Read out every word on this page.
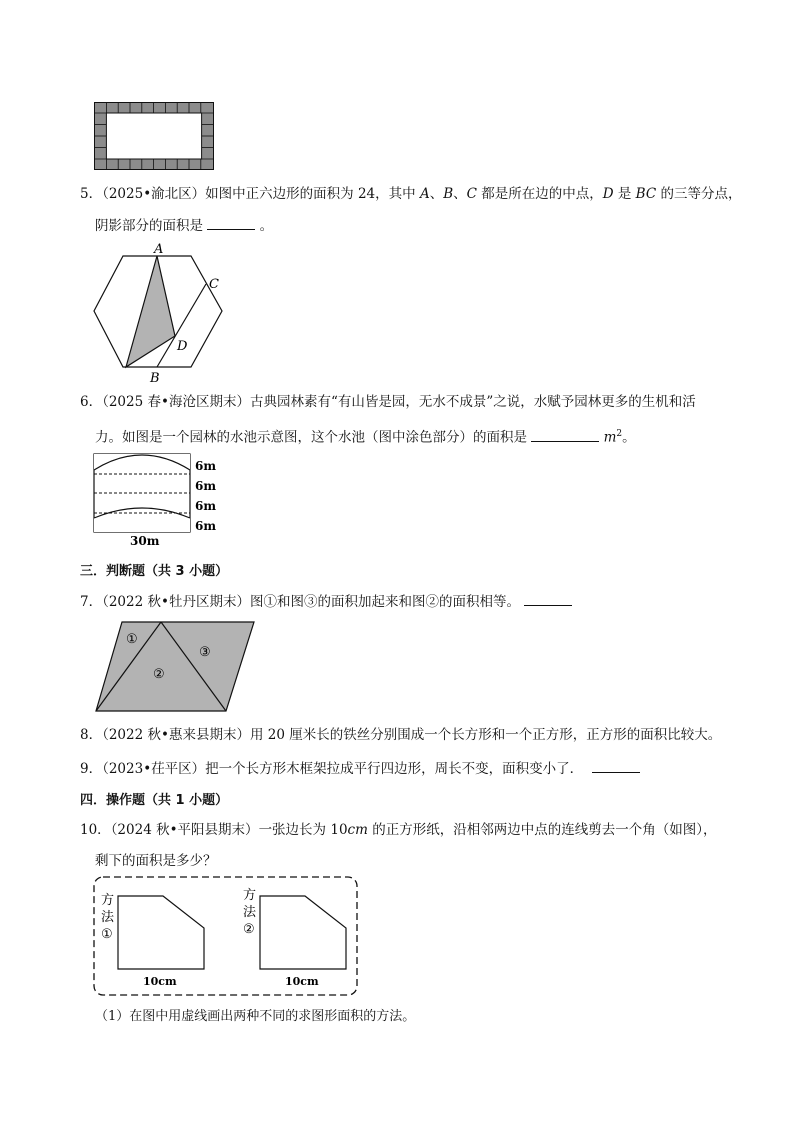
5．（2025•渝北区）如图中正六边形的面积为 24，其中 A、B、C 都是所在边的中点，D 是 BC 的三等分点，
阴影部分的面积是	。
A
C
D
B
6．（2025 春•海沧区期末）古典园林素有“有山皆是园，无水不成景”之说，水赋予园林更多的生机和活
力。如图是一个园林的水池示意图，这个水池（图中涂色部分）的面积是	$m^2$。
6m
6m
6m
6m
30m
三．判断题（共 3 小题）
7．（2022 秋•牡丹区期末）图①和图③的面积加起来和图②的面积相等。
①
②
③
8．（2022 秋•惠来县期末）用 20 厘米长的铁丝分别围成一个长方形和一个正方形，正方形的面积比较大。
9．（2023•茌平区）把一个长方形木框架拉成平行四边形，周长不变，面积变小了．
四．操作题（共 1 小题）
10．（2024 秋•平阳县期末）一张边长为 10cm 的正方形纸，沿相邻两边中点的连线剪去一个角（如图），
剩下的面积是多少？
方
法
①
10cm
方
法
②
10cm
（1）在图中用虚线画出两种不同的求图形面积的方法。
